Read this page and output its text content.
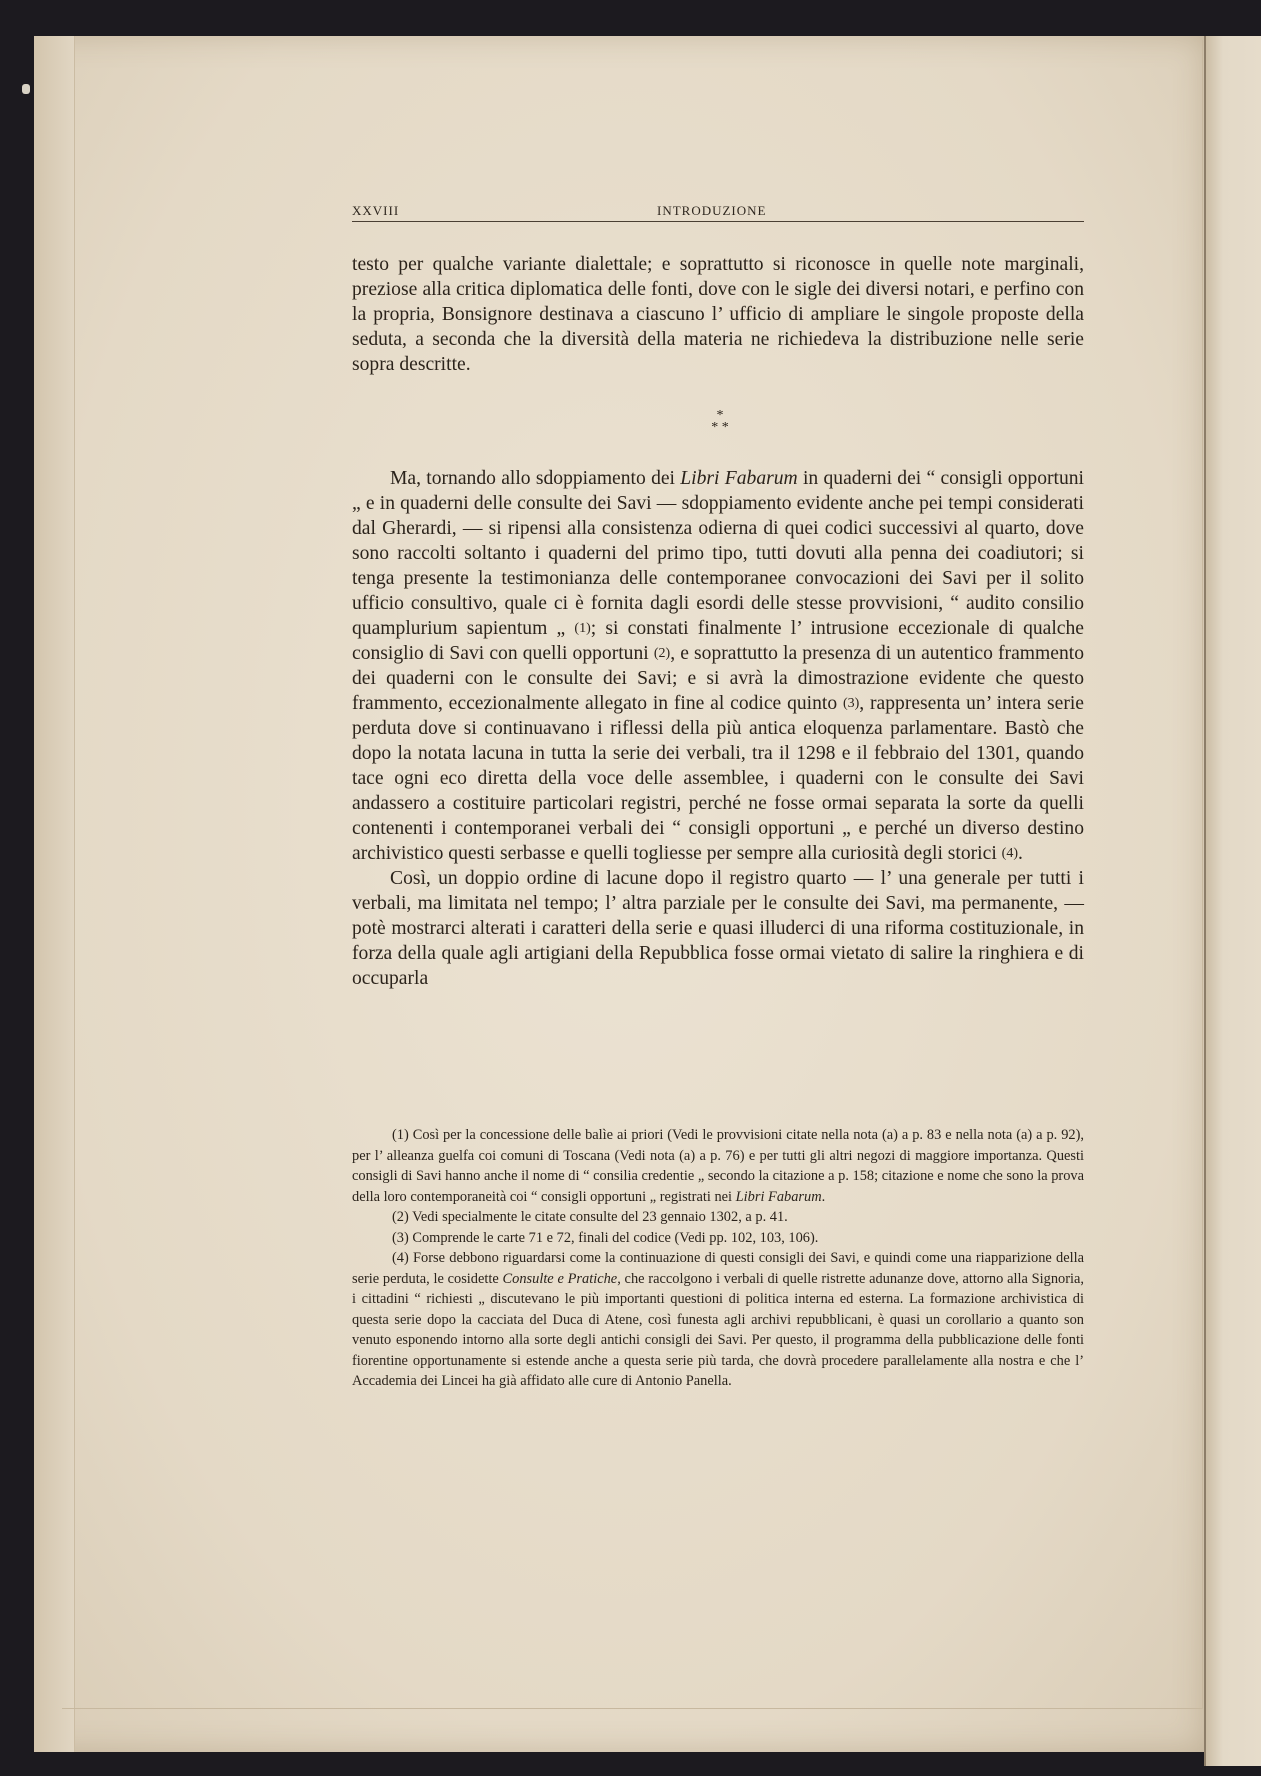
XXVIII	INTRODUZIONE

testo per qualche variante dialettale; e soprattutto si riconosce in quelle note marginali, preziose alla critica diplomatica delle fonti, dove con le sigle dei diversi notari, e perfino con la propria, Bonsignore destinava a ciascuno l’ ufficio di ampliare le singole proposte della seduta, a seconda che la diversità della materia ne richiedeva la distribuzione nelle serie sopra descritte.

*
* *

Ma, tornando allo sdoppiamento dei Libri Fabarum in quaderni dei “ consigli opportuni „ e in quaderni delle consulte dei Savi — sdoppiamento evidente anche pei tempi considerati dal Gherardi, — si ripensi alla consistenza odierna di quei codici successivi al quarto, dove sono raccolti soltanto i quaderni del primo tipo, tutti dovuti alla penna dei coadiutori; si tenga presente la testimonianza delle contemporanee convocazioni dei Savi per il solito ufficio consultivo, quale ci è fornita dagli esordi delle stesse provvisioni, “ audito consilio quamplurium sapientum „ (1); si constati finalmente l’ intrusione eccezionale di qualche consiglio di Savi con quelli opportuni (2), e soprattutto la presenza di un autentico frammento dei quaderni con le consulte dei Savi; e si avrà la dimostrazione evidente che questo frammento, eccezionalmente allegato in fine al codice quinto (3), rappresenta un’ intera serie perduta dove si continuavano i riflessi della più antica eloquenza parlamentare. Bastò che dopo la notata lacuna in tutta la serie dei verbali, tra il 1298 e il febbraio del 1301, quando tace ogni eco diretta della voce delle assemblee, i quaderni con le consulte dei Savi andassero a costituire particolari registri, perché ne fosse ormai separata la sorte da quelli contenenti i contemporanei verbali dei “ consigli opportuni „ e perché un diverso destino archivistico questi serbasse e quelli togliesse per sempre alla curiosità degli storici (4).

Così, un doppio ordine di lacune dopo il registro quarto — l’ una generale per tutti i verbali, ma limitata nel tempo; l’ altra parziale per le consulte dei Savi, ma permanente, — potè mostrarci alterati i caratteri della serie e quasi illuderci di una riforma costituzionale, in forza della quale agli artigiani della Repubblica fosse ormai vietato di salire la ringhiera e di occuparla

(1) Così per la concessione delle balìe ai priori (Vedi le provvisioni citate nella nota (a) a p. 83 e nella nota (a) a p. 92), per l’ alleanza guelfa coi comuni di Toscana (Vedi nota (a) a p. 76) e per tutti gli altri negozi di maggiore importanza. Questi consigli di Savi hanno anche il nome di “ consilia credentie „ secondo la citazione a p. 158; citazione e nome che sono la prova della loro contemporaneità coi “ consigli opportuni „ registrati nei Libri Fabarum.

(2) Vedi specialmente le citate consulte del 23 gennaio 1302, a p. 41.

(3) Comprende le carte 71 e 72, finali del codice (Vedi pp. 102, 103, 106).

(4) Forse debbono riguardarsi come la continuazione di questi consigli dei Savi, e quindi come una riapparizione della serie perduta, le cosidette Consulte e Pratiche, che raccolgono i verbali di quelle ristrette adunanze dove, attorno alla Signoria, i cittadini “ richiesti „ discutevano le più importanti questioni di politica interna ed esterna. La formazione archivistica di questa serie dopo la cacciata del Duca di Atene, così funesta agli archivi repubblicani, è quasi un corollario a quanto son venuto esponendo intorno alla sorte degli antichi consigli dei Savi. Per questo, il programma della pubblicazione delle fonti fiorentine opportunamente si estende anche a questa serie più tarda, che dovrà procedere parallelamente alla nostra e che l’ Accademia dei Lincei ha già affidato alle cure di Antonio Panella.
